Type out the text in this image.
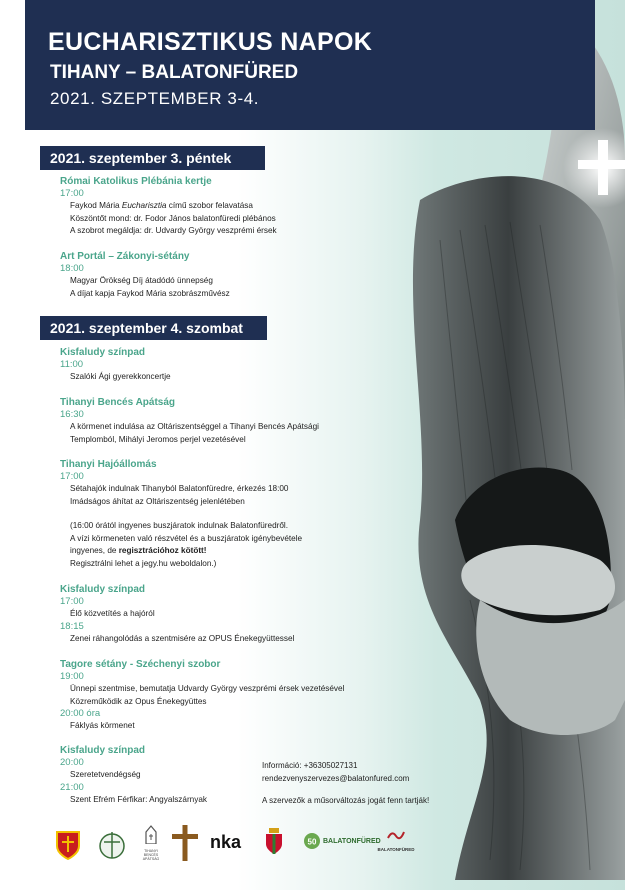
EUCHARISZTIKUS NAPOK
TIHANY – BALATONFÜRED
2021. SZEPTEMBER 3-4.
2021. szeptember 3. péntek
Római Katolikus Plébánia kertje
17:00
Faykod Mária Eucharisztia című szobor felavatása
Köszöntőt mond: dr. Fodor János balatonfüredi plébános
A szobrot megáldja: dr. Udvardy György veszprémi érsek
Art Portál – Zákonyi-sétány
18:00
Magyar Örökség Díj átadódó ünnepség
A díjat kapja Faykod Mária szobrászművész
2021. szeptember 4. szombat
Kisfaludy színpad
11:00
Szalóki Ági gyerekkoncertje
Tihanyi Bencés Apátság
16:30
A körmenet indulása az Oltáriszentséggel a Tihanyi Bencés Apátsági
Templomból, Mihályi Jeromos perjel vezetésével
Tihanyi Hajóállomás
17:00
Sétahajók indulnak Tihanyból Balatonfüredre, érkezés 18:00
Imádságos áhítat az Oltáriszentség jelenlétében
(16:00 órától ingyenes buszjáratok indulnak Balatonfüredről.
A vízi körmeneten való részvétel és a buszjáratok igénybevétele
ingyenes, de regisztrációhoz kötött!
Regisztrálni lehet a jegy.hu weboldalon.)
Kisfaludy színpad
17:00
Élő közvetítés a hajóról
18:15
Zenei ráhangolódás a szentmisére az OPUS Énekegyüttessel
Tagore sétány - Széchenyi szobor
19:00
Ünnepi szentmise, bemutatja Udvardy György veszprémi érsek vezetésével
Közreműködik az Opus Énekegyüttes
20:00 óra
Fáklyás körmenet
Kisfaludy színpad
20:00
Szeretetvendégség
21:00
Szent Efrém Férfikar: Angyalszárnyak
Információ: +36305027131
rendezvenyszervezes@balatonfured.com
A szervezők a műsorváltozás jogát fenn tartják!
TIHANYI BENCÉS APÁTSÁG
nka	50 BALATONFÜRED
BALATONFÜRED
